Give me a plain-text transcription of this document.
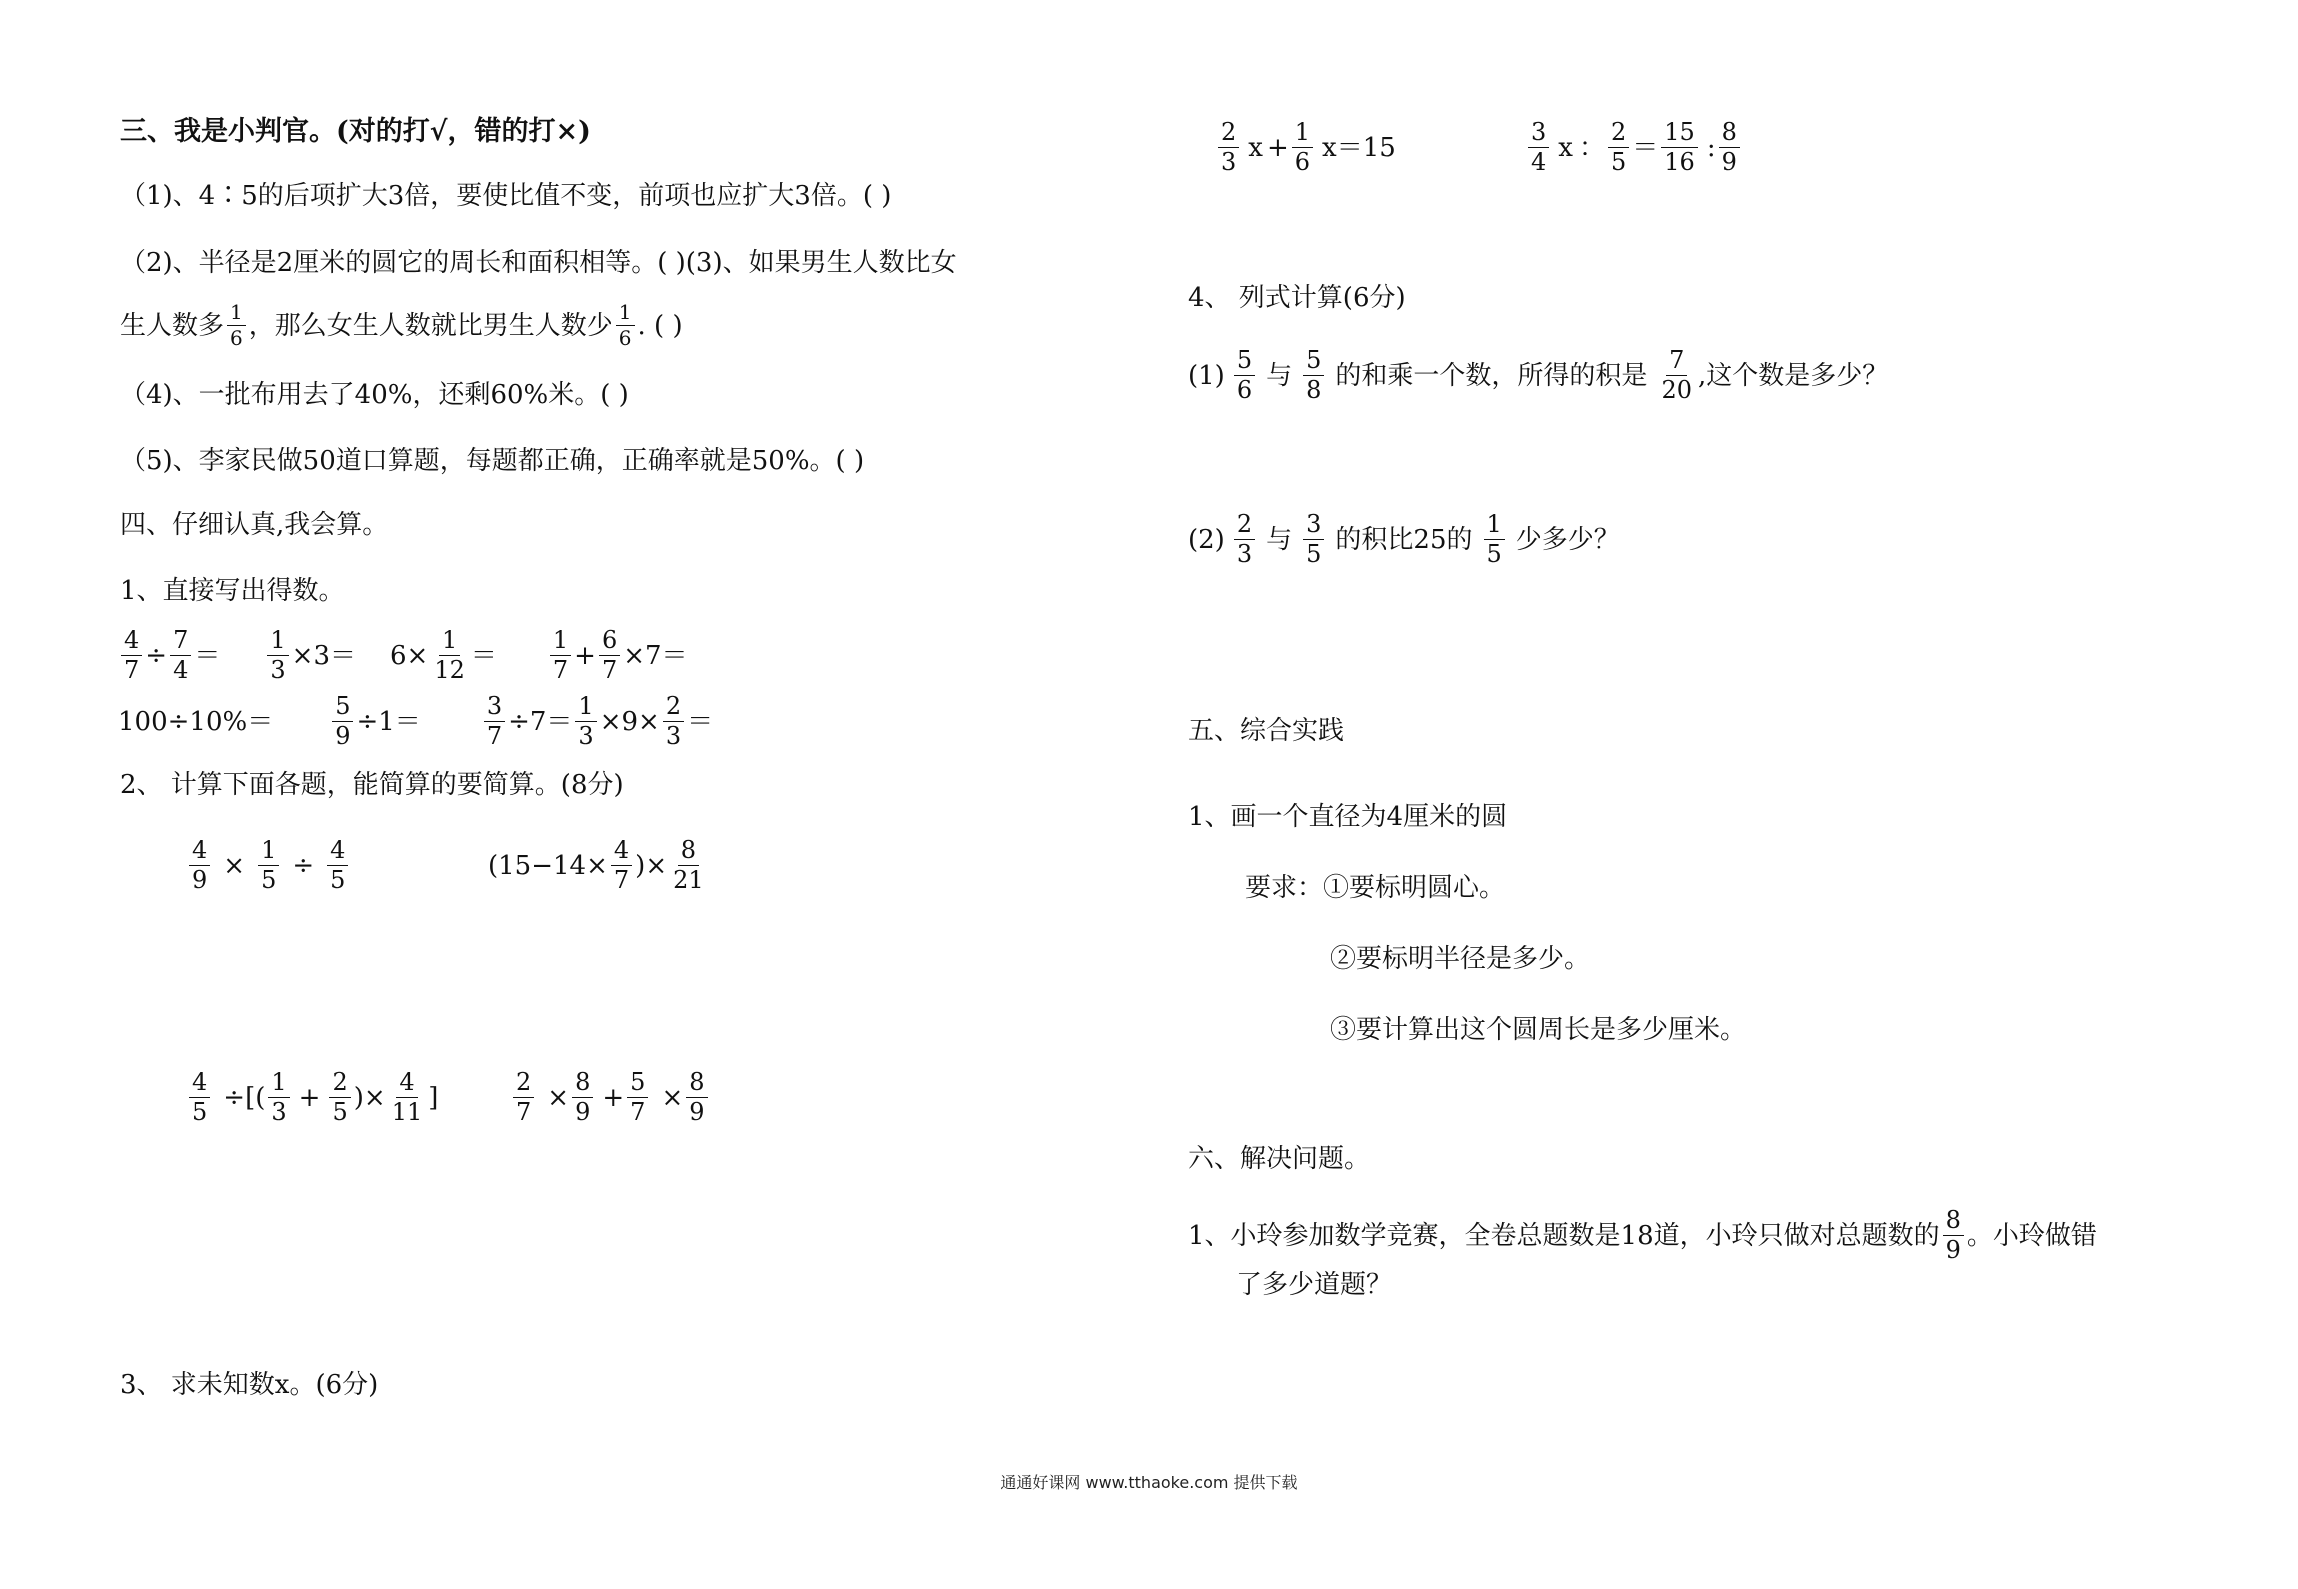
三、我是小判官。(对的打√，错的打×)
（1)、4∶5的后项扩大3倍，要使比值不变，前项也应扩大3倍。( )
（2)、半径是2厘米的圆它的周长和面积相等。( )(3)、如果男生人数比女
生人数多 $\frac{1}{6}$ ，那么女生人数就比男生人数少 $\frac{1}{6}$ . ( )
（4)、一批布用去了40%，还剩60%米。( )
（5)、李家民做50道口算题，每题都正确，正确率就是50%。( )
四、仔细认真,我会算。
1、直接写出得数。
$\frac{4}{7} \div \frac{7}{4} = \frac{1}{3} \times 3= 6\times \frac{1}{12} = \frac{1}{7} + \frac{6}{7} \times 7=$
$100\div 10\%= \frac{5}{9} \div 1=$	$\frac{3}{7} \div 7= \frac{1}{3} \times 9\times \frac{2}{3}$ ＝
2、 计算下面各题，能简算的要简算。(8分)
$\frac{4}{9} \times \frac{1}{5} \div \frac{4}{5}$	($15-14\times \frac{4}{7}$ )× $\frac{8}{21}$
$\frac{4}{5}$ ÷ [ ( $\frac{1}{3} + \frac{2}{5}$ ) × $\frac{4}{11}$ ]	$\frac{2}{7} \times \frac{8}{9} + \frac{5}{7} \times \frac{8}{9}$
3、 求未知数x。(6分)
$\frac{2}{3}$ $x + \frac{1}{6} x=15$	$\frac{3}{4}$ x ： $\frac{2}{5} = \frac{15}{16}$ : $\frac{8}{9}$
4、 列式计算(6分)
$(1) \frac{5}{6}$ 与 $\frac{5}{8}$ 的和乘一个数，所得的积是 $\frac{7}{20}$ ,这个数是多少？
$(2) \frac{2}{3}$ 与 $\frac{3}{5}$ 的积比25的 $\frac{1}{5}$ 少多少？
五、综合实践
1、画一个直径为4厘米的圆
要求：①要标明圆心。
②要标明半径是多少。
③要计算出这个圆周长是多少厘米。
六、解决问题。
1、小玲参加数学竞赛，全卷总题数是18道，小玲只做对总题数的 $\frac{8}{9}$ 。小玲做错
了多少道题？
通通好课网 www.tthaoke.com 提供下载
